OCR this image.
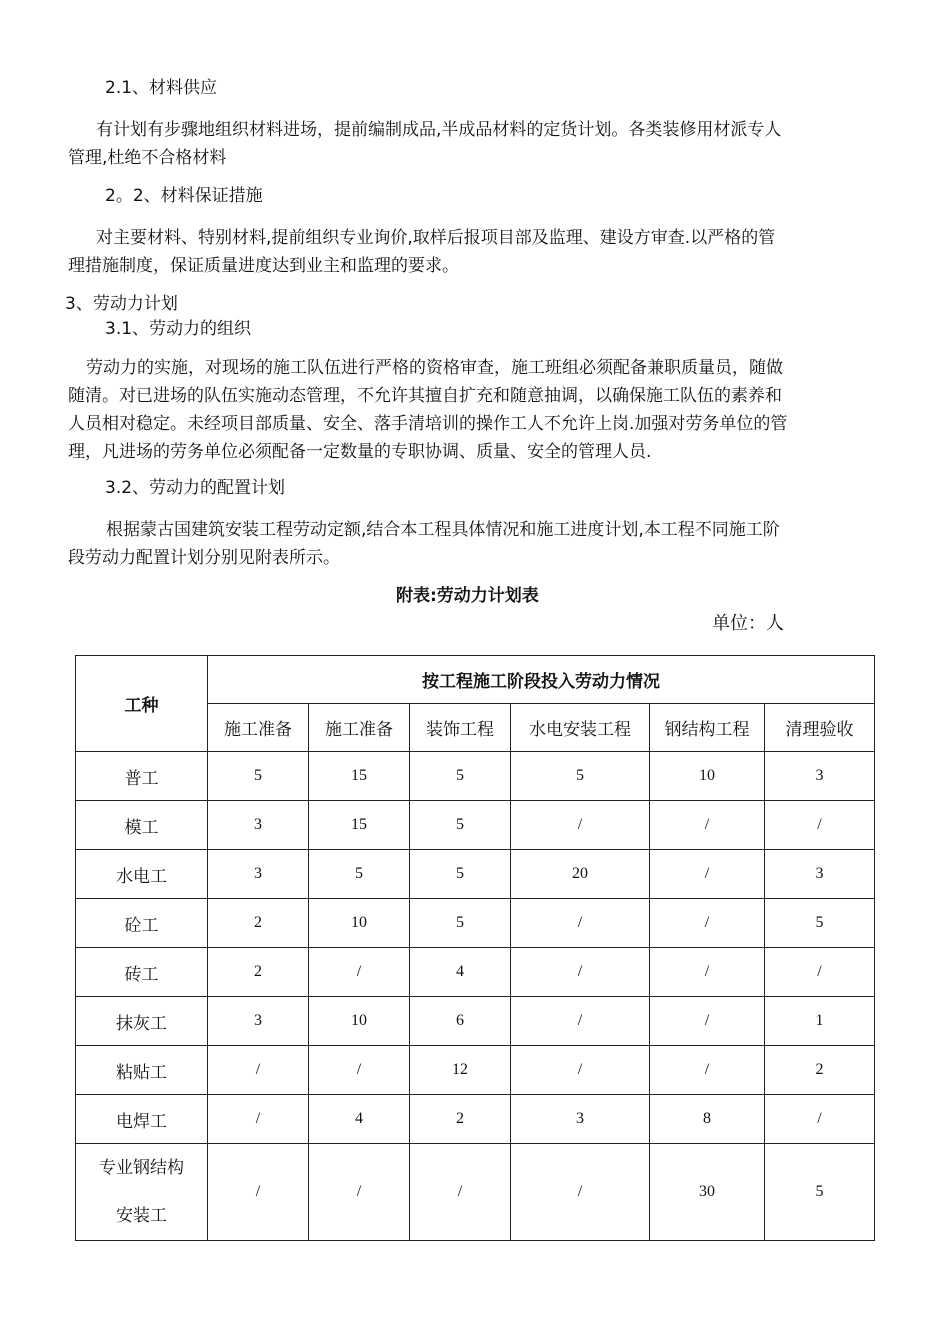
2.1、材料供应
有计划有步骤地组织材料进场，提前编制成品,半成品材料的定货计划。各类装修用材派专人
管理,杜绝不合格材料
2。2、材料保证措施
对主要材料、特别材料,提前组织专业询价,取样后报项目部及监理、建设方审查.以严格的管
理措施制度，保证质量进度达到业主和监理的要求。
3、劳动力计划
3.1、劳动力的组织
劳动力的实施，对现场的施工队伍进行严格的资格审查，施工班组必须配备兼职质量员，随做
随清。对已进场的队伍实施动态管理，不允许其擅自扩充和随意抽调，以确保施工队伍的素养和
人员相对稳定。未经项目部质量、安全、落手清培训的操作工人不允许上岗.加强对劳务单位的管
理，凡进场的劳务单位必须配备一定数量的专职协调、质量、安全的管理人员.
3.2、劳动力的配置计划
根据蒙古国建筑安装工程劳动定额,结合本工程具体情况和施工进度计划,本工程不同施工阶
段劳动力配置计划分别见附表所示。
附表:劳动力计划表
单位：人
工种	按工程施工阶段投入劳动力情况					
	施工准备	施工准备	装饰工程	水电安装工程	钢结构工程	清理验收
普工	5	15	5	5	10	3
模工	3	15	5	/	/	/
水电工	3	5	5	20	/	3
砼工	2	10	5	/	/	5
砖工	2	/	4	/	/	/
抹灰工	3	10	6	/	/	1
粘贴工	/	/	12	/	/	2
电焊工	/	4	2	3	8	/

专业钢结构
安装工	/	/	/	/	30	5
